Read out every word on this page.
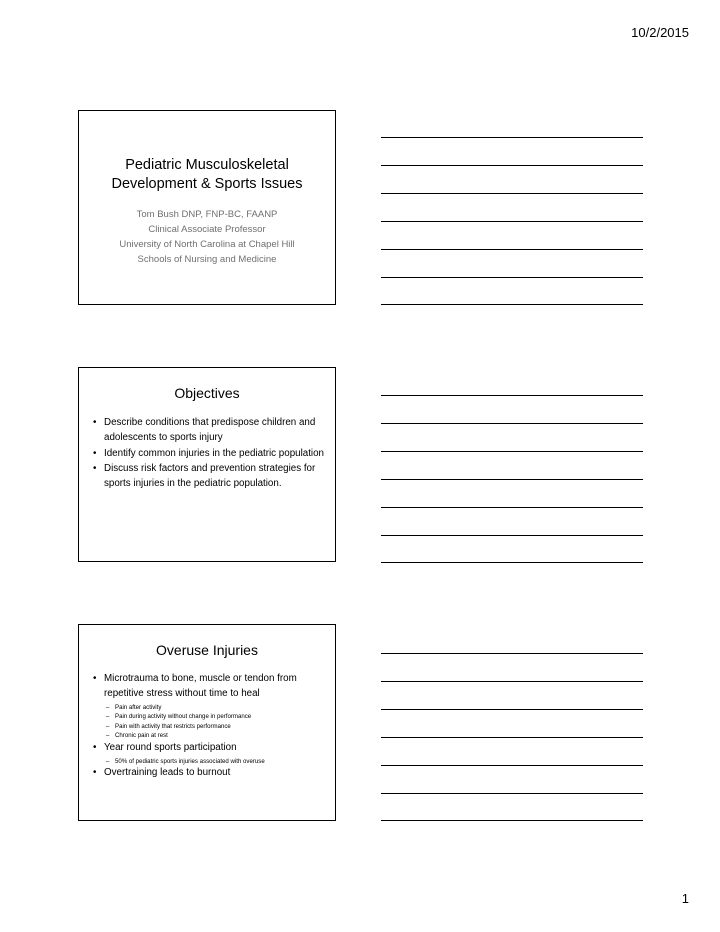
10/2/2015
Pediatric Musculoskeletal
Development & Sports Issues
Tom Bush DNP, FNP-BC, FAANP
Clinical Associate Professor
University of North Carolina at Chapel Hill
Schools of Nursing and Medicine
Objectives
• Describe conditions that predispose children and adolescents to sports injury
• Identify common injuries in the pediatric population
• Discuss risk factors and prevention strategies for sports injuries in the pediatric population.
Overuse Injuries
• Microtrauma to bone, muscle or tendon from repetitive stress without time to heal
– Pain after activity
– Pain during activity without change in performance
– Pain with activity that restricts performance
– Chronic pain at rest
• Year round sports participation
– 50% of pediatric sports injuries associated with overuse
• Overtraining leads to burnout
1
